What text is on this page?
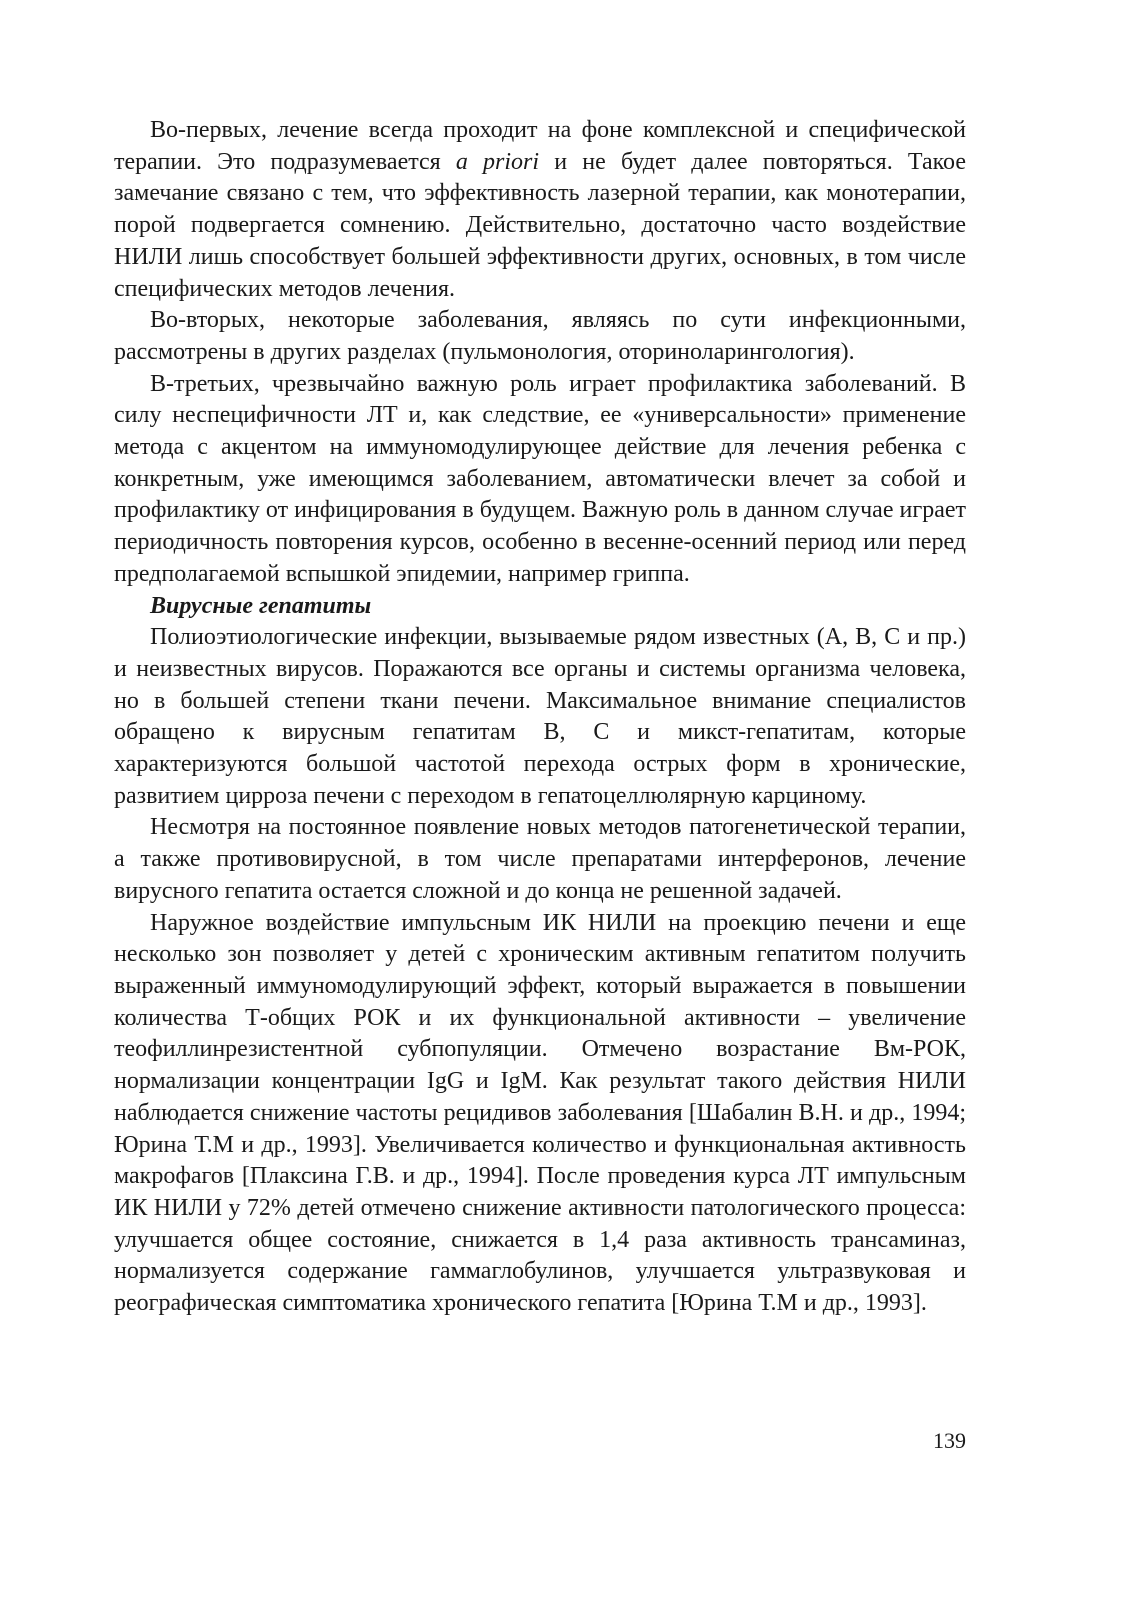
Во-первых, лечение всегда проходит на фоне комплексной и специфической терапии. Это подразумевается a priori и не будет далее повторяться. Такое замечание связано с тем, что эффективность лазерной терапии, как монотерапии, порой подвергается сомнению. Действительно, достаточно часто воздействие НИЛИ лишь способствует большей эффективности других, основных, в том числе специфических методов лечения.

Во-вторых, некоторые заболевания, являясь по сути инфекционными, рассмотрены в других разделах (пульмонология, оториноларингология).

В-третьих, чрезвычайно важную роль играет профилактика заболеваний. В силу неспецифичности ЛТ и, как следствие, ее «универсальности» применение метода с акцентом на иммуномодулирующее действие для лечения ребенка с конкретным, уже имеющимся заболеванием, автоматически влечет за собой и профилактику от инфицирования в будущем. Важную роль в данном случае играет периодичность повторения курсов, особенно в весенне-осенний период или перед предполагаемой вспышкой эпидемии, например гриппа.

Вирусные гепатиты

Полиоэтиологические инфекции, вызываемые рядом известных (А, В, С и пр.) и неизвестных вирусов. Поражаются все органы и системы организма человека, но в большей степени ткани печени. Максимальное внимание специалистов обращено к вирусным гепатитам В, С и микст-гепатитам, которые характеризуются большой частотой перехода острых форм в хронические, развитием цирроза печени с переходом в гепатоцеллюлярную карциному.

Несмотря на постоянное появление новых методов патогенетической терапии, а также противовирусной, в том числе препаратами интерферонов, лечение вирусного гепатита остается сложной и до конца не решенной задачей.

Наружное воздействие импульсным ИК НИЛИ на проекцию печени и еще несколько зон позволяет у детей с хроническим активным гепатитом получить выраженный иммуномодулирующий эффект, который выражается в повышении количества Т-общих РОК и их функциональной активности – увеличение теофиллинрезистентной субпопуляции. Отмечено возрастание Вм-РОК, нормализации концентрации IgG и IgM. Как результат такого действия НИЛИ наблюдается снижение частоты рецидивов заболевания [Шабалин В.Н. и др., 1994; Юрина Т.М и др., 1993]. Увеличивается количество и функциональная активность макрофагов [Плаксина Г.В. и др., 1994]. После проведения курса ЛТ импульсным ИК НИЛИ у 72% детей отмечено снижение активности патологического процесса: улучшается общее состояние, снижается в 1,4 раза активность трансаминаз, нормализуется содержание гаммаглобулинов, улучшается ультразвуковая и реографическая симптоматика хронического гепатита [Юрина Т.М и др., 1993].

139
